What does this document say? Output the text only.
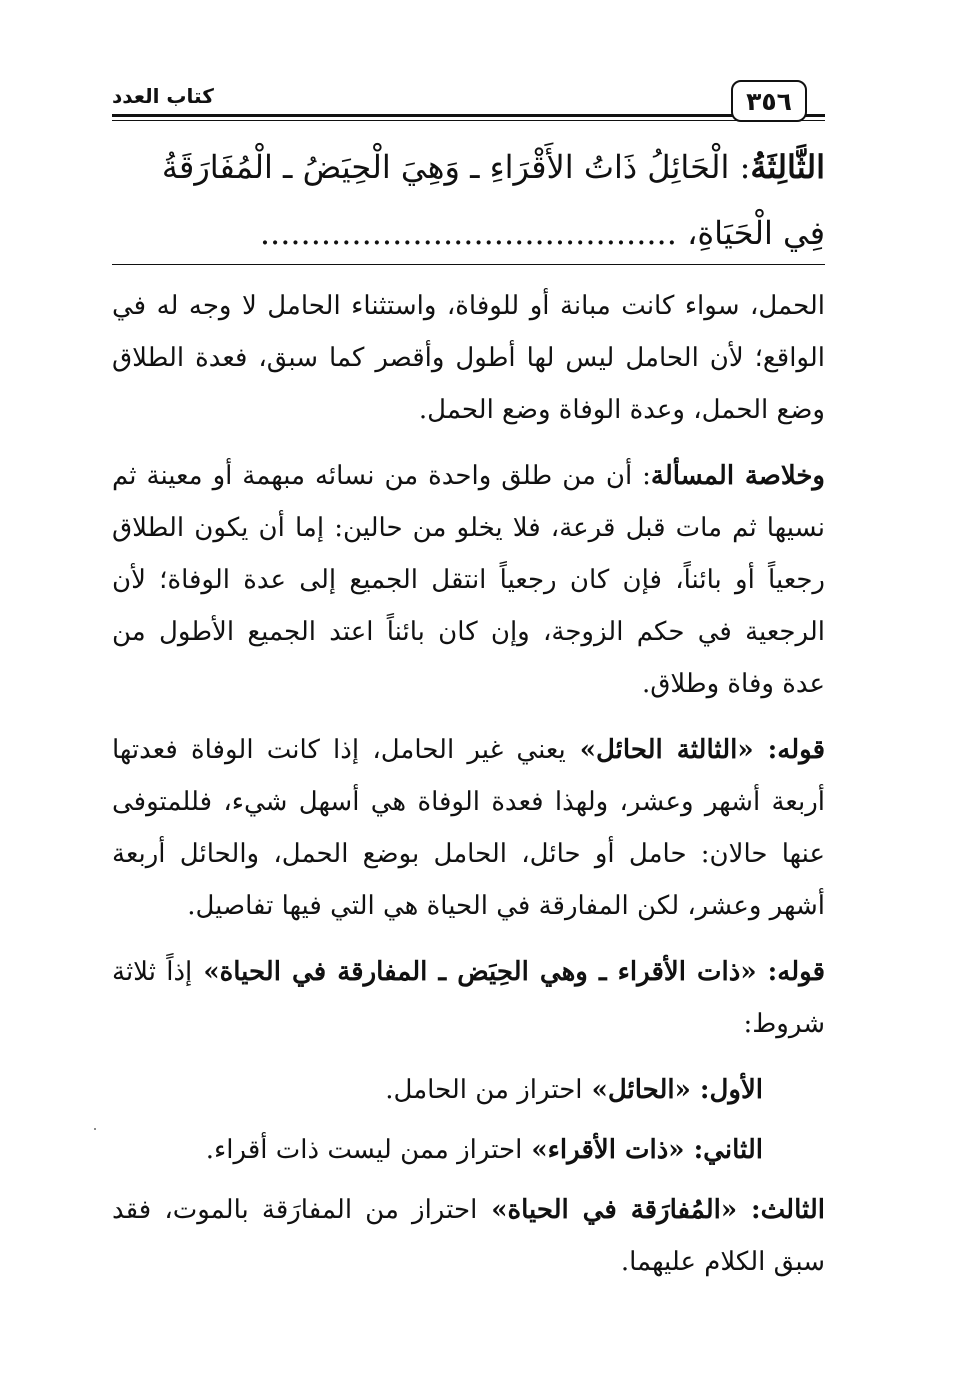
٣٥٦
كتاب العدد
الثَّالِثَةُ: الْحَائِلُ ذَاتُ الأَقْرَاءِ ـ وَهِيَ الْحِيَضُ ـ الْمُفَارَقَةُ فِي الْحَيَاةِ، .........................................

الحمل، سواء كانت مبانة أو للوفاة، واستثناء الحامل لا وجه له في الواقع؛ لأن الحامل ليس لها أطول وأقصر كما سبق، فعدة الطلاق وضع الحمل، وعدة الوفاة وضع الحمل.

وخلاصة المسألة: أن من طلق واحدة من نسائه مبهمة أو معينة ثم نسيها ثم مات قبل قرعة، فلا يخلو من حالين: إما أن يكون الطلاق رجعياً أو بائناً، فإن كان رجعياً انتقل الجميع إلى عدة الوفاة؛ لأن الرجعية في حكم الزوجة، وإن كان بائناً اعتد الجميع الأطول من عدة وفاة وطلاق.

قوله: «الثالثة الحائل» يعني غير الحامل، إذا كانت الوفاة فعدتها أربعة أشهر وعشر، ولهذا فعدة الوفاة هي أسهل شيء، فللمتوفى عنها حالان: حامل أو حائل، الحامل بوضع الحمل، والحائل أربعة أشهر وعشر، لكن المفارقة في الحياة هي التي فيها تفاصيل.

قوله: «ذات الأقراء ـ وهي الحِيَض ـ المفارقة في الحياة» إذاً ثلاثة شروط:

الأول: «الحائل» احتراز من الحامل.

الثاني: «ذات الأقراء» احتراز ممن ليست ذات أقراء.

الثالث: «المُفارَقة في الحياة» احتراز من المفارَقة بالموت، فقد سبق الكلام عليهما.
